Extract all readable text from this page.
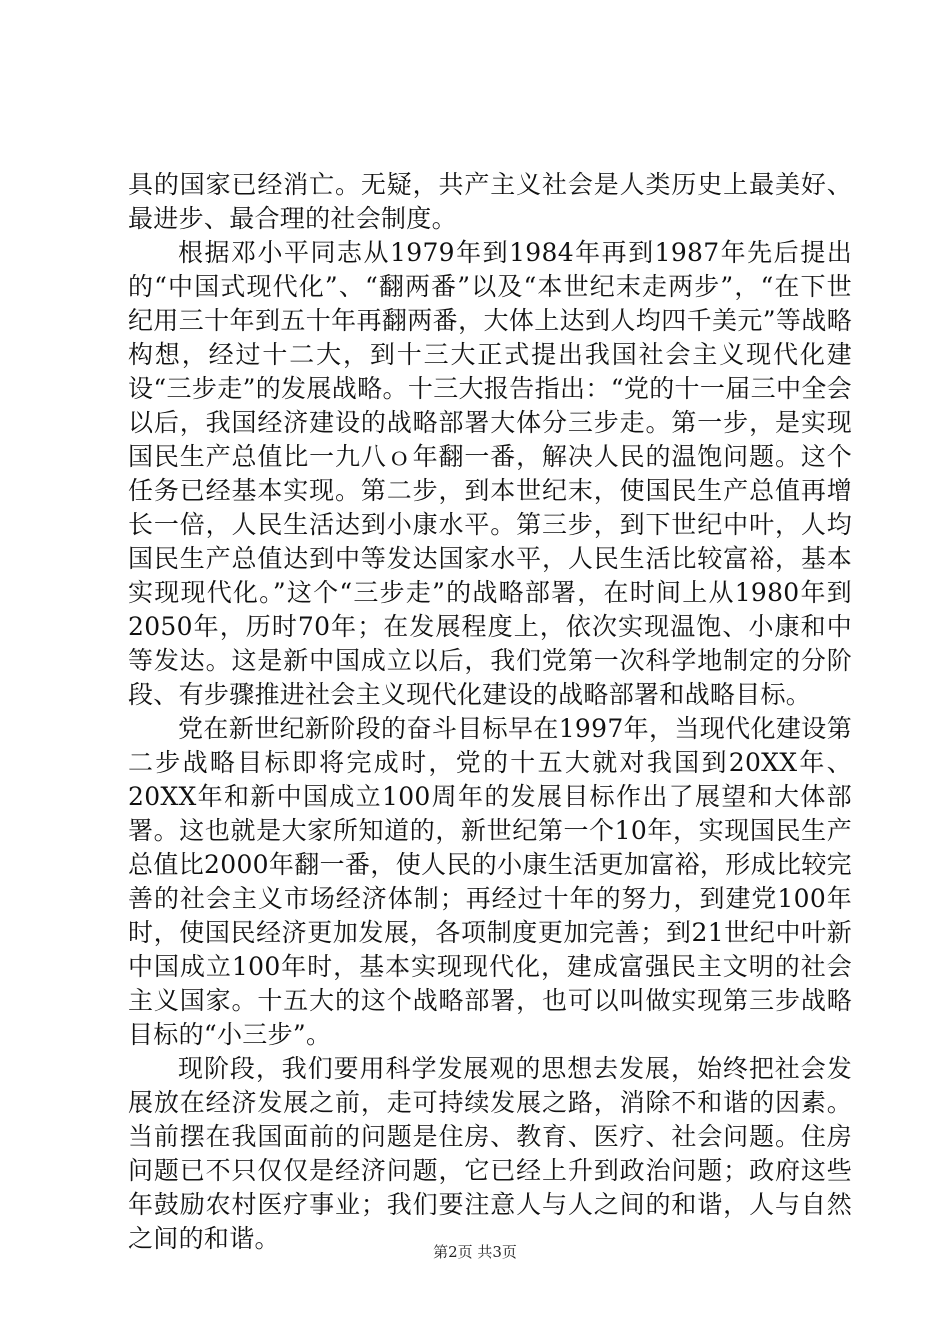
具的国家已经消亡。无疑，共产主义社会是人类历史上最美好、最进步、最合理的社会制度。

根据邓小平同志从1979年到1984年再到1987年先后提出的“中国式现代化”、“翻两番”以及“本世纪末走两步”，“在下世纪用三十年到五十年再翻两番，大体上达到人均四千美元”等战略构想，经过十二大，到十三大正式提出我国社会主义现代化建设“三步走”的发展战略。十三大报告指出：“党的十一届三中全会以后，我国经济建设的战略部署大体分三步走。第一步，是实现国民生产总值比一九八ｏ年翻一番，解决人民的温饱问题。这个任务已经基本实现。第二步，到本世纪末，使国民生产总值再增长一倍，人民生活达到小康水平。第三步，到下世纪中叶，人均国民生产总值达到中等发达国家水平，人民生活比较富裕，基本实现现代化。”这个“三步走”的战略部署，在时间上从1980年到2050年，历时70年；在发展程度上，依次实现温饱、小康和中等发达。这是新中国成立以后，我们党第一次科学地制定的分阶段、有步骤推进社会主义现代化建设的战略部署和战略目标。

党在新世纪新阶段的奋斗目标早在1997年，当现代化建设第二步战略目标即将完成时，党的十五大就对我国到20XX年、20XX年和新中国成立100周年的发展目标作出了展望和大体部署。这也就是大家所知道的，新世纪第一个10年，实现国民生产总值比2000年翻一番，使人民的小康生活更加富裕，形成比较完善的社会主义市场经济体制；再经过十年的努力，到建党100年时，使国民经济更加发展，各项制度更加完善；到21世纪中叶新中国成立100年时，基本实现现代化，建成富强民主文明的社会主义国家。十五大的这个战略部署，也可以叫做实现第三步战略目标的“小三步”。

现阶段，我们要用科学发展观的思想去发展，始终把社会发展放在经济发展之前，走可持续发展之路，消除不和谐的因素。当前摆在我国面前的问题是住房、教育、医疗、社会问题。住房问题已不只仅仅是经济问题，它已经上升到政治问题；政府这些年鼓励农村医疗事业；我们要注意人与人之间的和谐，人与自然之间的和谐。	第2页 共3页
